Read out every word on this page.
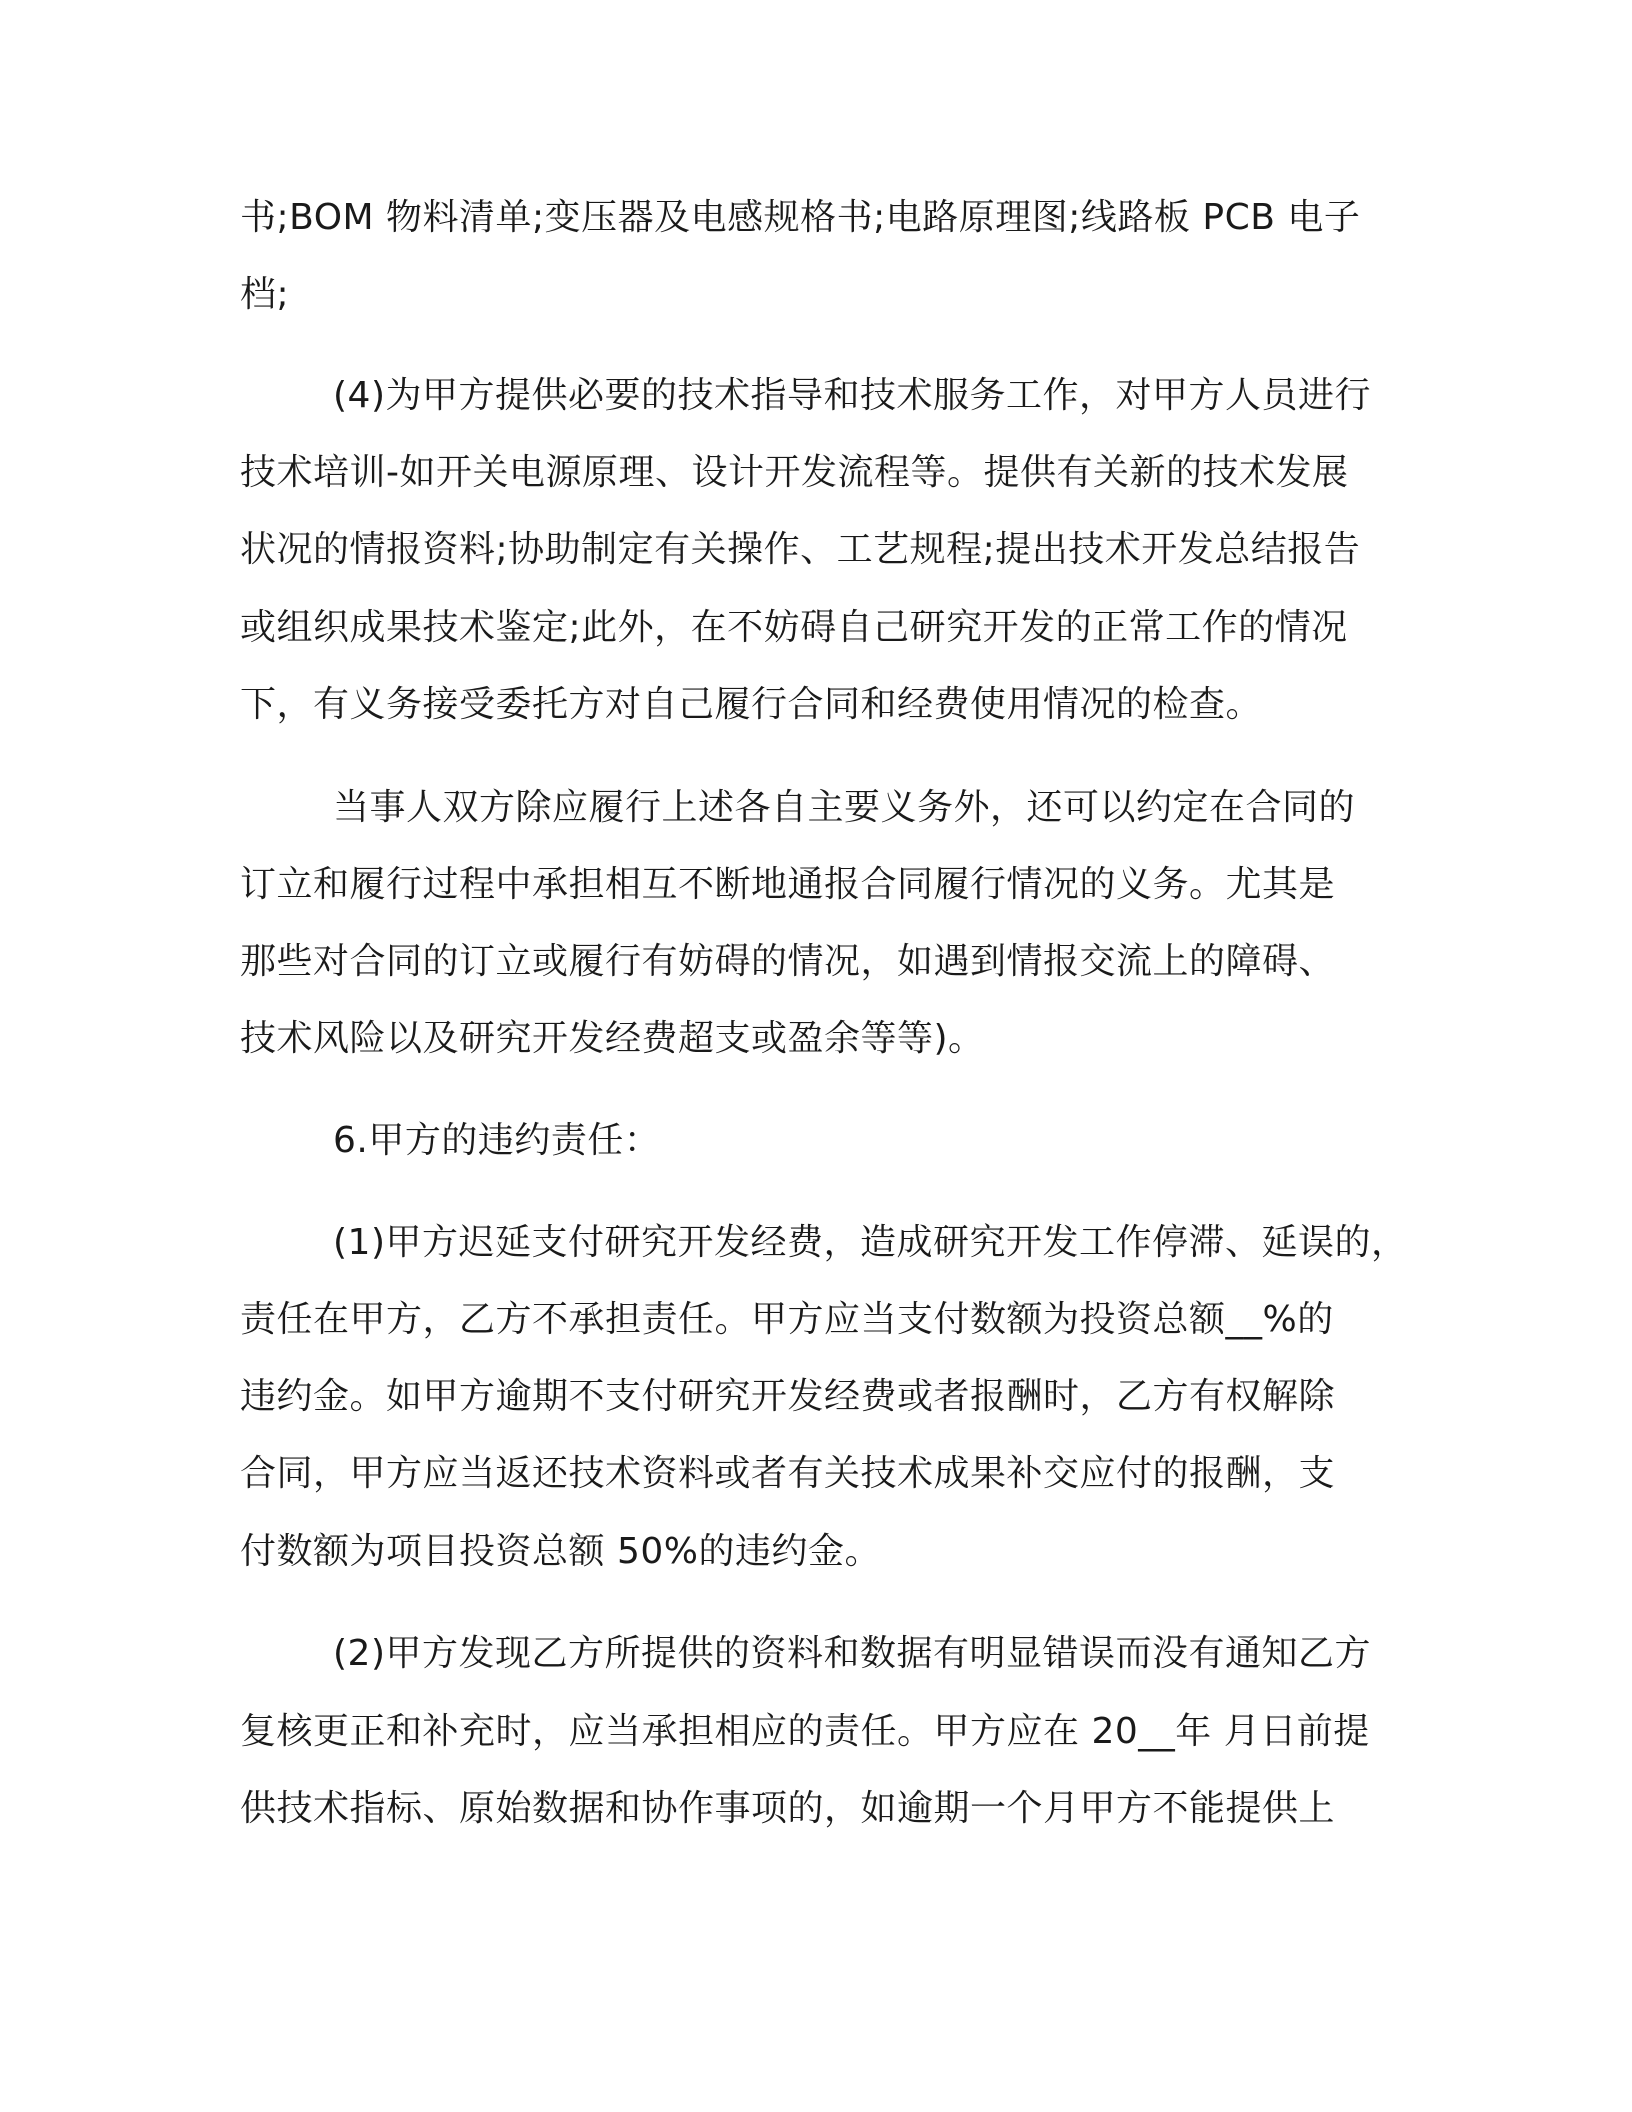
书;BOM 物料清单;变压器及电感规格书;电路原理图;线路板 PCB 电子
档;
(4)为甲方提供必要的技术指导和技术服务工作，对甲方人员进行
技术培训-如开关电源原理、设计开发流程等。提供有关新的技术发展
状况的情报资料;协助制定有关操作、工艺规程;提出技术开发总结报告
或组织成果技术鉴定;此外，在不妨碍自己研究开发的正常工作的情况
下，有义务接受委托方对自己履行合同和经费使用情况的检查。
当事人双方除应履行上述各自主要义务外，还可以约定在合同的
订立和履行过程中承担相互不断地通报合同履行情况的义务。尤其是
那些对合同的订立或履行有妨碍的情况，如遇到情报交流上的障碍、
技术风险以及研究开发经费超支或盈余等等)。
6.甲方的违约责任：
(1)甲方迟延支付研究开发经费，造成研究开发工作停滞、延误的，
责任在甲方，乙方不承担责任。甲方应当支付数额为投资总额__%的
违约金。如甲方逾期不支付研究开发经费或者报酬时，乙方有权解除
合同，甲方应当返还技术资料或者有关技术成果补交应付的报酬，支
付数额为项目投资总额 50%的违约金。
(2)甲方发现乙方所提供的资料和数据有明显错误而没有通知乙方
复核更正和补充时，应当承担相应的责任。甲方应在 20__年 月日前提
供技术指标、原始数据和协作事项的，如逾期一个月甲方不能提供上
